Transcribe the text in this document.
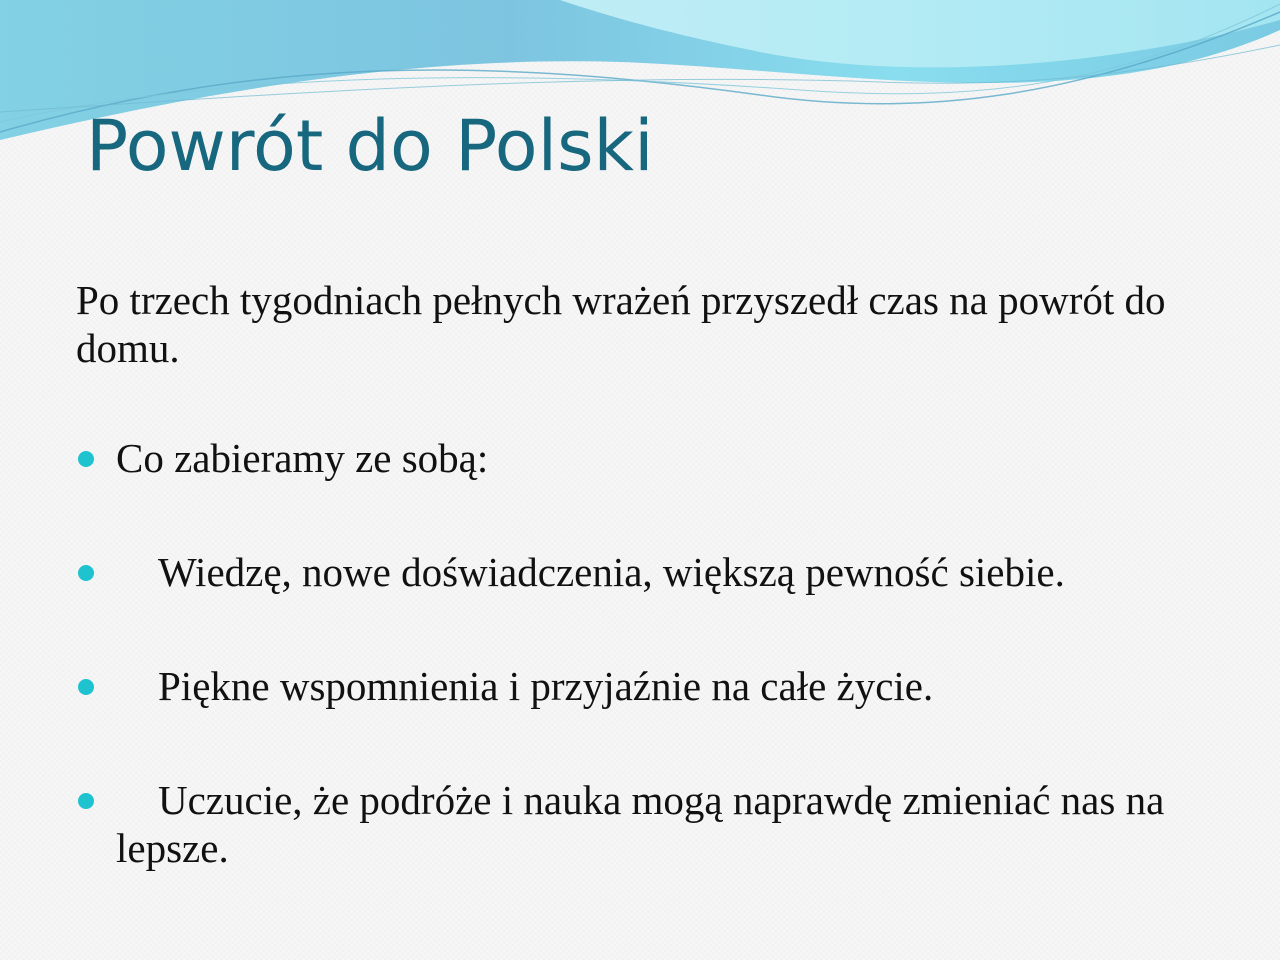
Powrót do Polski

Po trzech tygodniach pełnych wrażeń przyszedł czas na powrót do domu.

Co zabieramy ze sobą:
Wiedzę, nowe doświadczenia, większą pewność siebie.
Piękne wspomnienia i przyjaźnie na całe życie.
Uczucie, że podróże i nauka mogą naprawdę zmieniać nas na lepsze.
